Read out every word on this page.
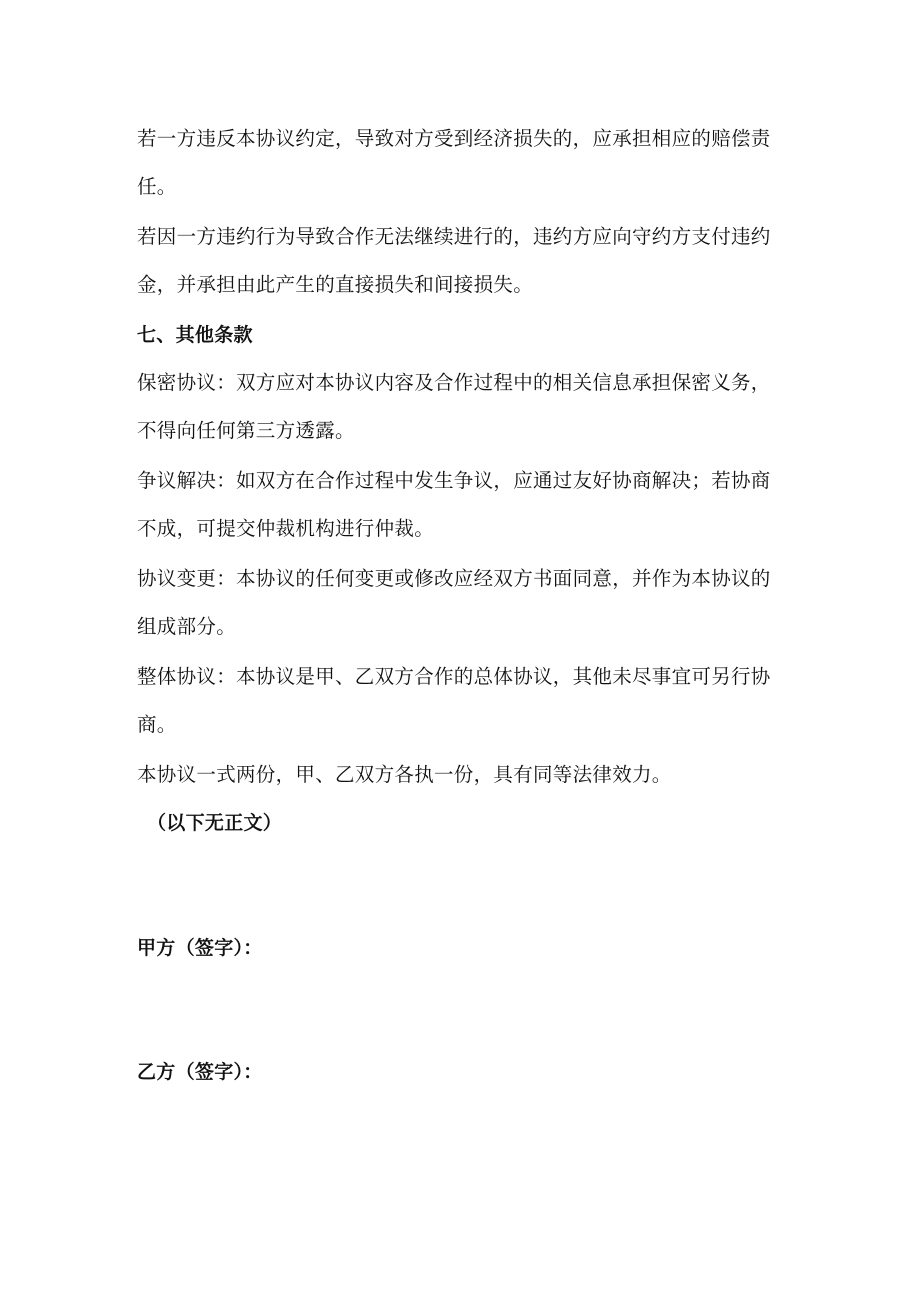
若一方违反本协议约定，导致对方受到经济损失的，应承担相应的赔偿责任。

若因一方违约行为导致合作无法继续进行的，违约方应向守约方支付违约金，并承担由此产生的直接损失和间接损失。

七、其他条款

保密协议：双方应对本协议内容及合作过程中的相关信息承担保密义务，不得向任何第三方透露。

争议解决：如双方在合作过程中发生争议，应通过友好协商解决；若协商不成，可提交仲裁机构进行仲裁。

协议变更：本协议的任何变更或修改应经双方书面同意，并作为本协议的组成部分。

整体协议：本协议是甲、乙双方合作的总体协议，其他未尽事宜可另行协商。

本协议一式两份，甲、乙双方各执一份，具有同等法律效力。

（以下无正文）

甲方（签字）：

乙方（签字）：
